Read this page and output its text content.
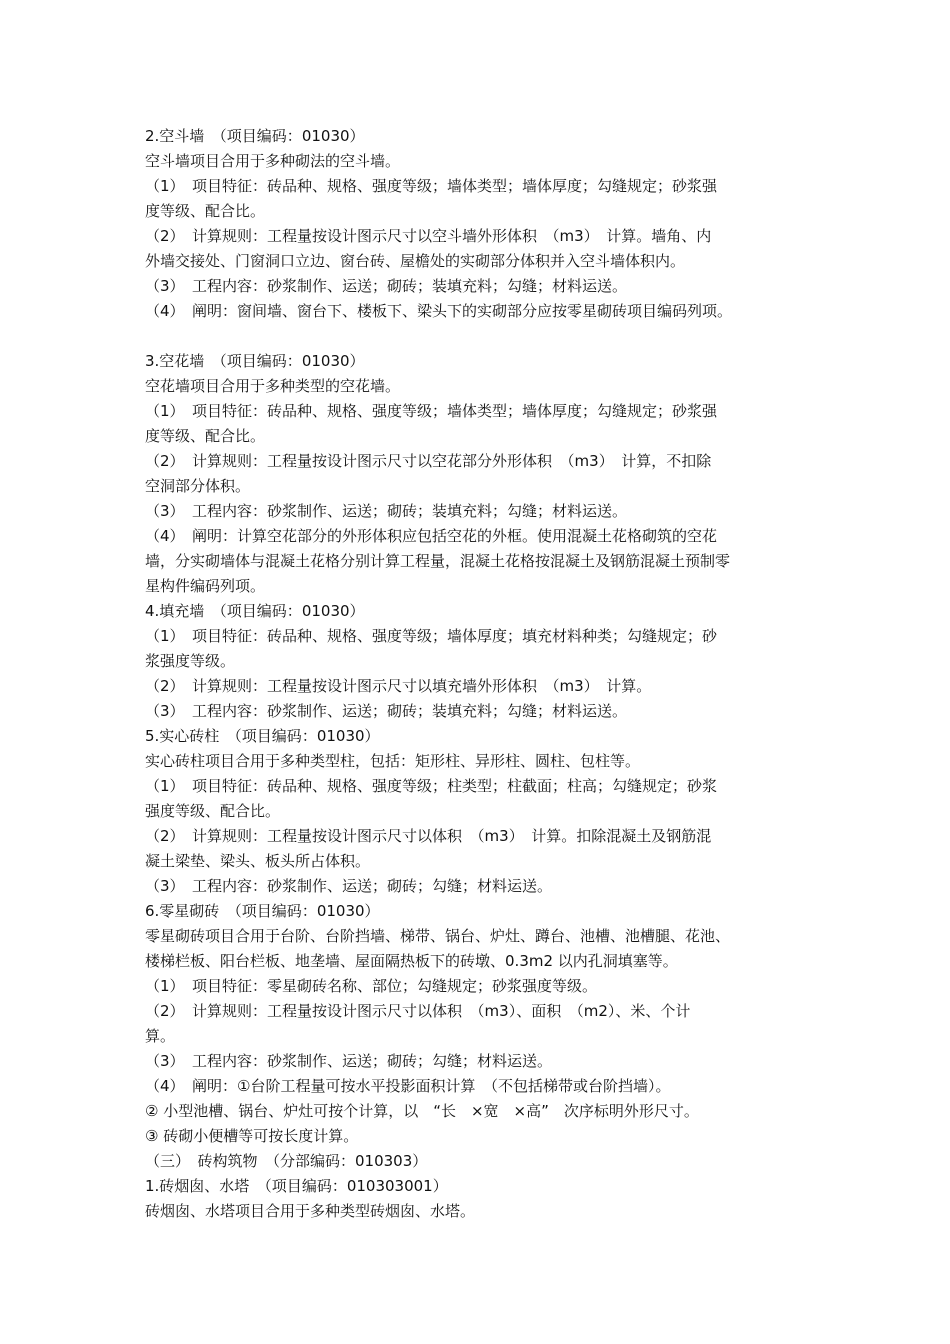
2.空斗墙　（项目编码：01030）
空斗墙项目合用于多种砌法的空斗墙。
（1）　项目特征：砖品种、规格、强度等级；墙体类型；墙体厚度；勾缝规定；砂浆强
度等级、配合比。
（2）　计算规则：工程量按设计图示尺寸以空斗墙外形体积　（m3）　计算。墙角、内
外墙交接处、门窗洞口立边、窗台砖、屋檐处的实砌部分体积并入空斗墙体积内。
（3）　工程内容：砂浆制作、运送；砌砖；装填充料；勾缝；材料运送。
（4）　阐明：窗间墙、窗台下、楼板下、梁头下的实砌部分应按零星砌砖项目编码列项。
3.空花墙　（项目编码：01030）
空花墙项目合用于多种类型的空花墙。
（1）　项目特征：砖品种、规格、强度等级；墙体类型；墙体厚度；勾缝规定；砂浆强
度等级、配合比。
（2）　计算规则：工程量按设计图示尺寸以空花部分外形体积　（m3）　计算，不扣除
空洞部分体积。
（3）　工程内容：砂浆制作、运送；砌砖；装填充料；勾缝；材料运送。
（4）　阐明：计算空花部分的外形体积应包括空花的外框。使用混凝土花格砌筑的空花
墙，分实砌墙体与混凝土花格分别计算工程量，混凝土花格按混凝土及钢筋混凝土预制零
星构件编码列项。
4.填充墙　（项目编码：01030）
（1）　项目特征：砖品种、规格、强度等级；墙体厚度；填充材料种类；勾缝规定；砂
浆强度等级。
（2）　计算规则：工程量按设计图示尺寸以填充墙外形体积　（m3）　计算。
（3）　工程内容：砂浆制作、运送；砌砖；装填充料；勾缝；材料运送。
5.实心砖柱　（项目编码：01030）
实心砖柱项目合用于多种类型柱，包括：矩形柱、异形柱、圆柱、包柱等。
（1）　项目特征：砖品种、规格、强度等级；柱类型；柱截面；柱高；勾缝规定；砂浆
强度等级、配合比。
（2）　计算规则：工程量按设计图示尺寸以体积　（m3）　计算。扣除混凝土及钢筋混
凝土梁垫、梁头、板头所占体积。
（3）　工程内容：砂浆制作、运送；砌砖；勾缝；材料运送。
6.零星砌砖　（项目编码：01030）
零星砌砖项目合用于台阶、台阶挡墙、梯带、锅台、炉灶、蹲台、池槽、池槽腿、花池、
楼梯栏板、阳台栏板、地垄墙、屋面隔热板下的砖墩、0.3m2 以内孔洞填塞等。
（1）　项目特征：零星砌砖名称、部位；勾缝规定；砂浆强度等级。
（2）　计算规则：工程量按设计图示尺寸以体积　（m3）、面积　（m2）、米、个计
算。
（3）　工程内容：砂浆制作、运送；砌砖；勾缝；材料运送。
（4）　阐明：①台阶工程量可按水平投影面积计算　（不包括梯带或台阶挡墙）。
② 小型池槽、锅台、炉灶可按个计算，以　“长　×宽　×高”　次序标明外形尺寸。
③ 砖砌小便槽等可按长度计算。
（三）　砖构筑物　（分部编码：010303）
1.砖烟囱、水塔　（项目编码：010303001）
砖烟囱、水塔项目合用于多种类型砖烟囱、水塔。
